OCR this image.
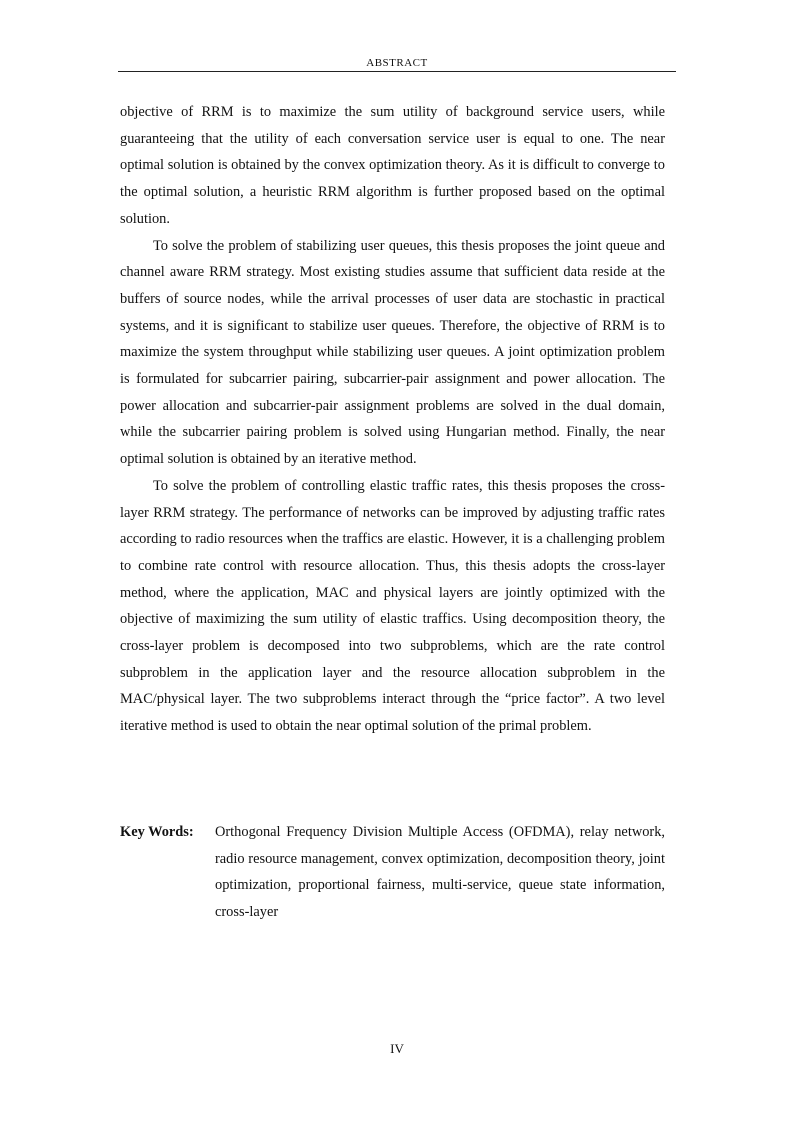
ABSTRACT

objective of RRM is to maximize the sum utility of background service users, while guaranteeing that the utility of each conversation service user is equal to one. The near optimal solution is obtained by the convex optimization theory. As it is difficult to converge to the optimal solution, a heuristic RRM algorithm is further proposed based on the optimal solution.

To solve the problem of stabilizing user queues, this thesis proposes the joint queue and channel aware RRM strategy. Most existing studies assume that sufficient data reside at the buffers of source nodes, while the arrival processes of user data are stochastic in practical systems, and it is significant to stabilize user queues. Therefore, the objective of RRM is to maximize the system throughput while stabilizing user queues. A joint optimization problem is formulated for subcarrier pairing, subcarrier-pair assignment and power allocation. The power allocation and subcarrier-pair assignment problems are solved in the dual domain, while the subcarrier pairing problem is solved using Hungarian method. Finally, the near optimal solution is obtained by an iterative method.

To solve the problem of controlling elastic traffic rates, this thesis proposes the cross-layer RRM strategy. The performance of networks can be improved by adjusting traffic rates according to radio resources when the traffics are elastic. However, it is a challenging problem to combine rate control with resource allocation. Thus, this thesis adopts the cross-layer method, where the application, MAC and physical layers are jointly optimized with the objective of maximizing the sum utility of elastic traffics. Using decomposition theory, the cross-layer problem is decomposed into two subproblems, which are the rate control subproblem in the application layer and the resource allocation subproblem in the MAC/physical layer. The two subproblems interact through the “price factor”. A two level iterative method is used to obtain the near optimal solution of the primal problem.

Key Words:	Orthogonal Frequency Division Multiple Access (OFDMA), relay network, radio resource management, convex optimization, decomposition theory, joint optimization, proportional fairness, multi-service, queue state information, cross-layer
IV
